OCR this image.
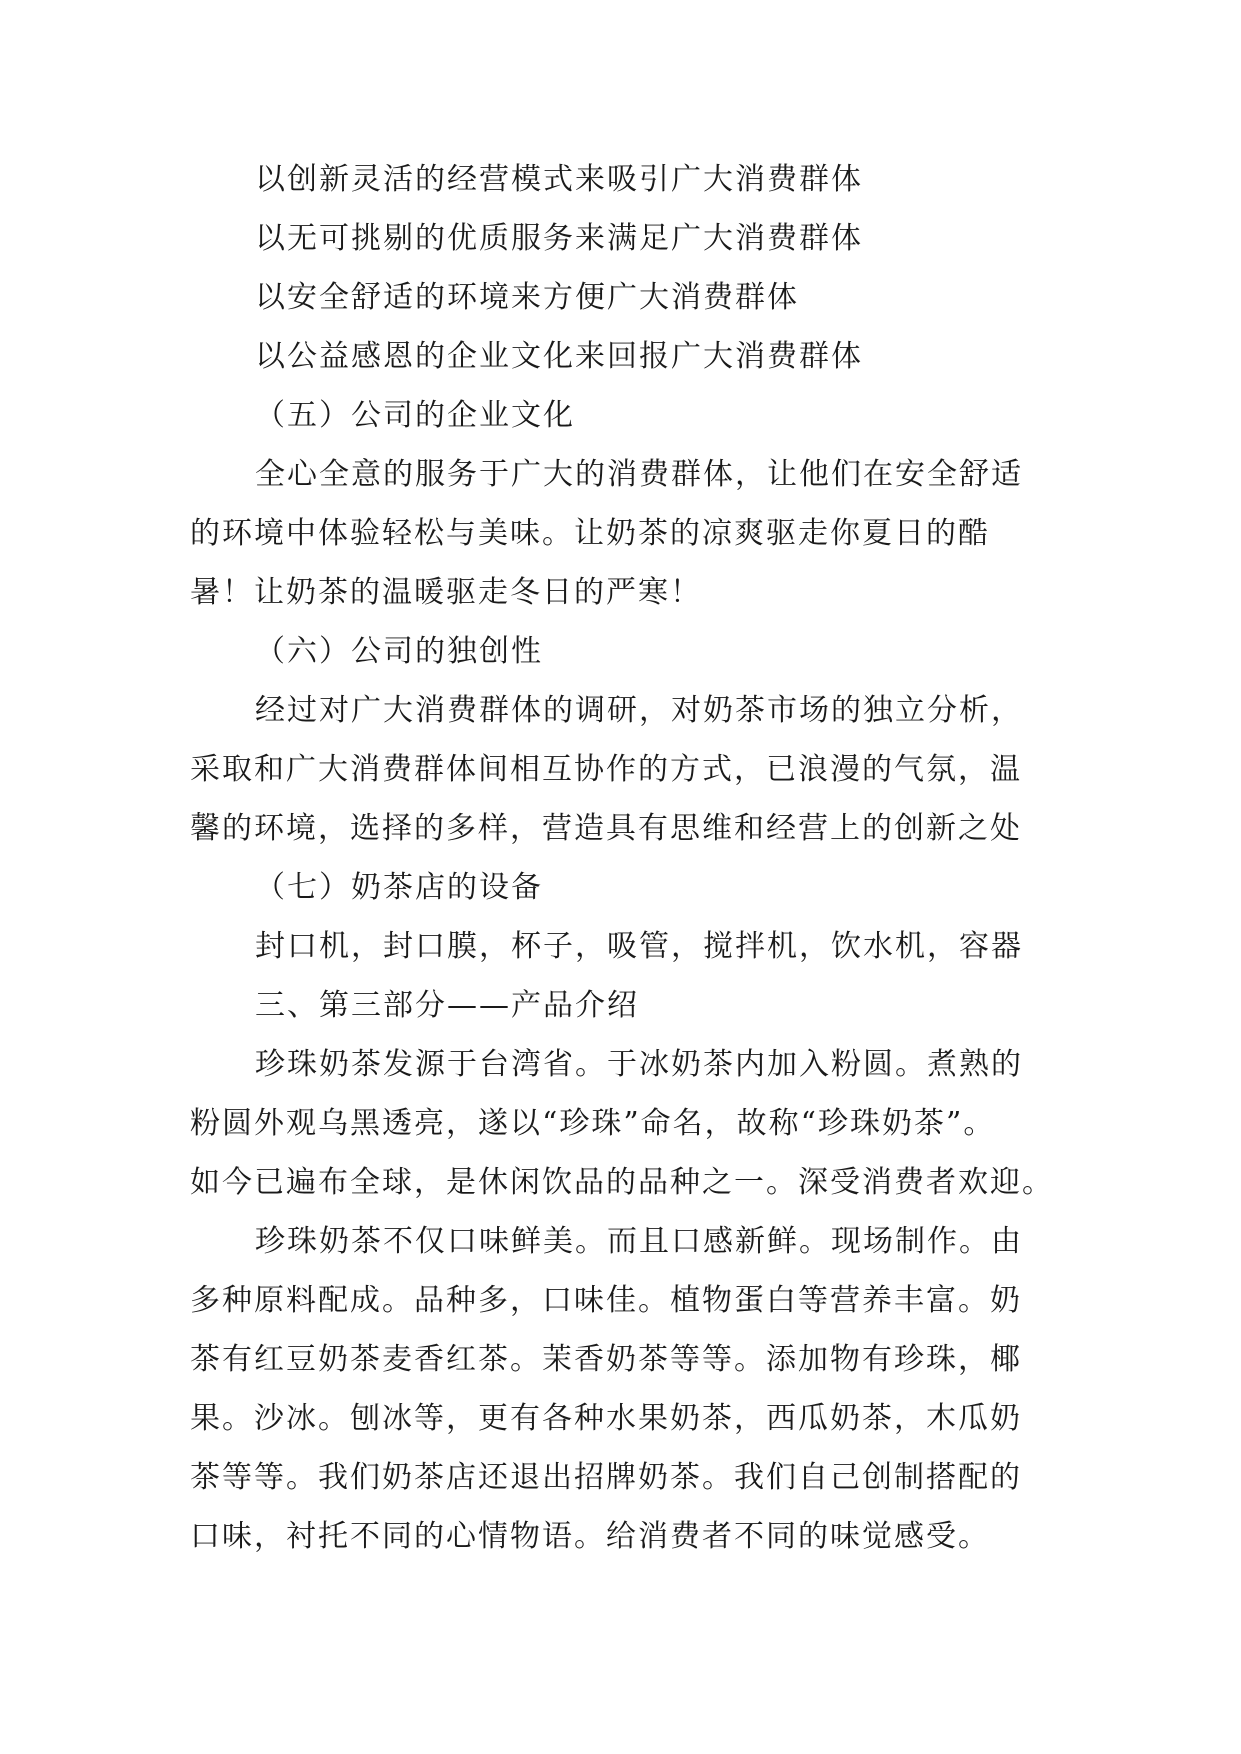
以创新灵活的经营模式来吸引广大消费群体

以无可挑剔的优质服务来满足广大消费群体

以安全舒适的环境来方便广大消费群体

以公益感恩的企业文化来回报广大消费群体

（五）公司的企业文化

全心全意的服务于广大的消费群体，让他们在安全舒适

的环境中体验轻松与美味。让奶茶的凉爽驱走你夏日的酷

暑！让奶茶的温暖驱走冬日的严寒！

（六）公司的独创性

经过对广大消费群体的调研，对奶茶市场的独立分析，

采取和广大消费群体间相互协作的方式，已浪漫的气氛，温

馨的环境，选择的多样，营造具有思维和经营上的创新之处

（七）奶茶店的设备

封口机，封口膜，杯子，吸管，搅拌机，饮水机，容器

三、第三部分——产品介绍

珍珠奶茶发源于台湾省。于冰奶茶内加入粉圆。煮熟的

粉圆外观乌黑透亮，遂以“珍珠”命名，故称“珍珠奶茶”。

如今已遍布全球，是休闲饮品的品种之一。深受消费者欢迎。

珍珠奶茶不仅口味鲜美。而且口感新鲜。现场制作。由

多种原料配成。品种多，口味佳。植物蛋白等营养丰富。奶

茶有红豆奶茶麦香红茶。茉香奶茶等等。添加物有珍珠，椰

果。沙冰。刨冰等，更有各种水果奶茶，西瓜奶茶，木瓜奶

茶等等。我们奶茶店还退出招牌奶茶。我们自己创制搭配的

口味，衬托不同的心情物语。给消费者不同的味觉感受。
